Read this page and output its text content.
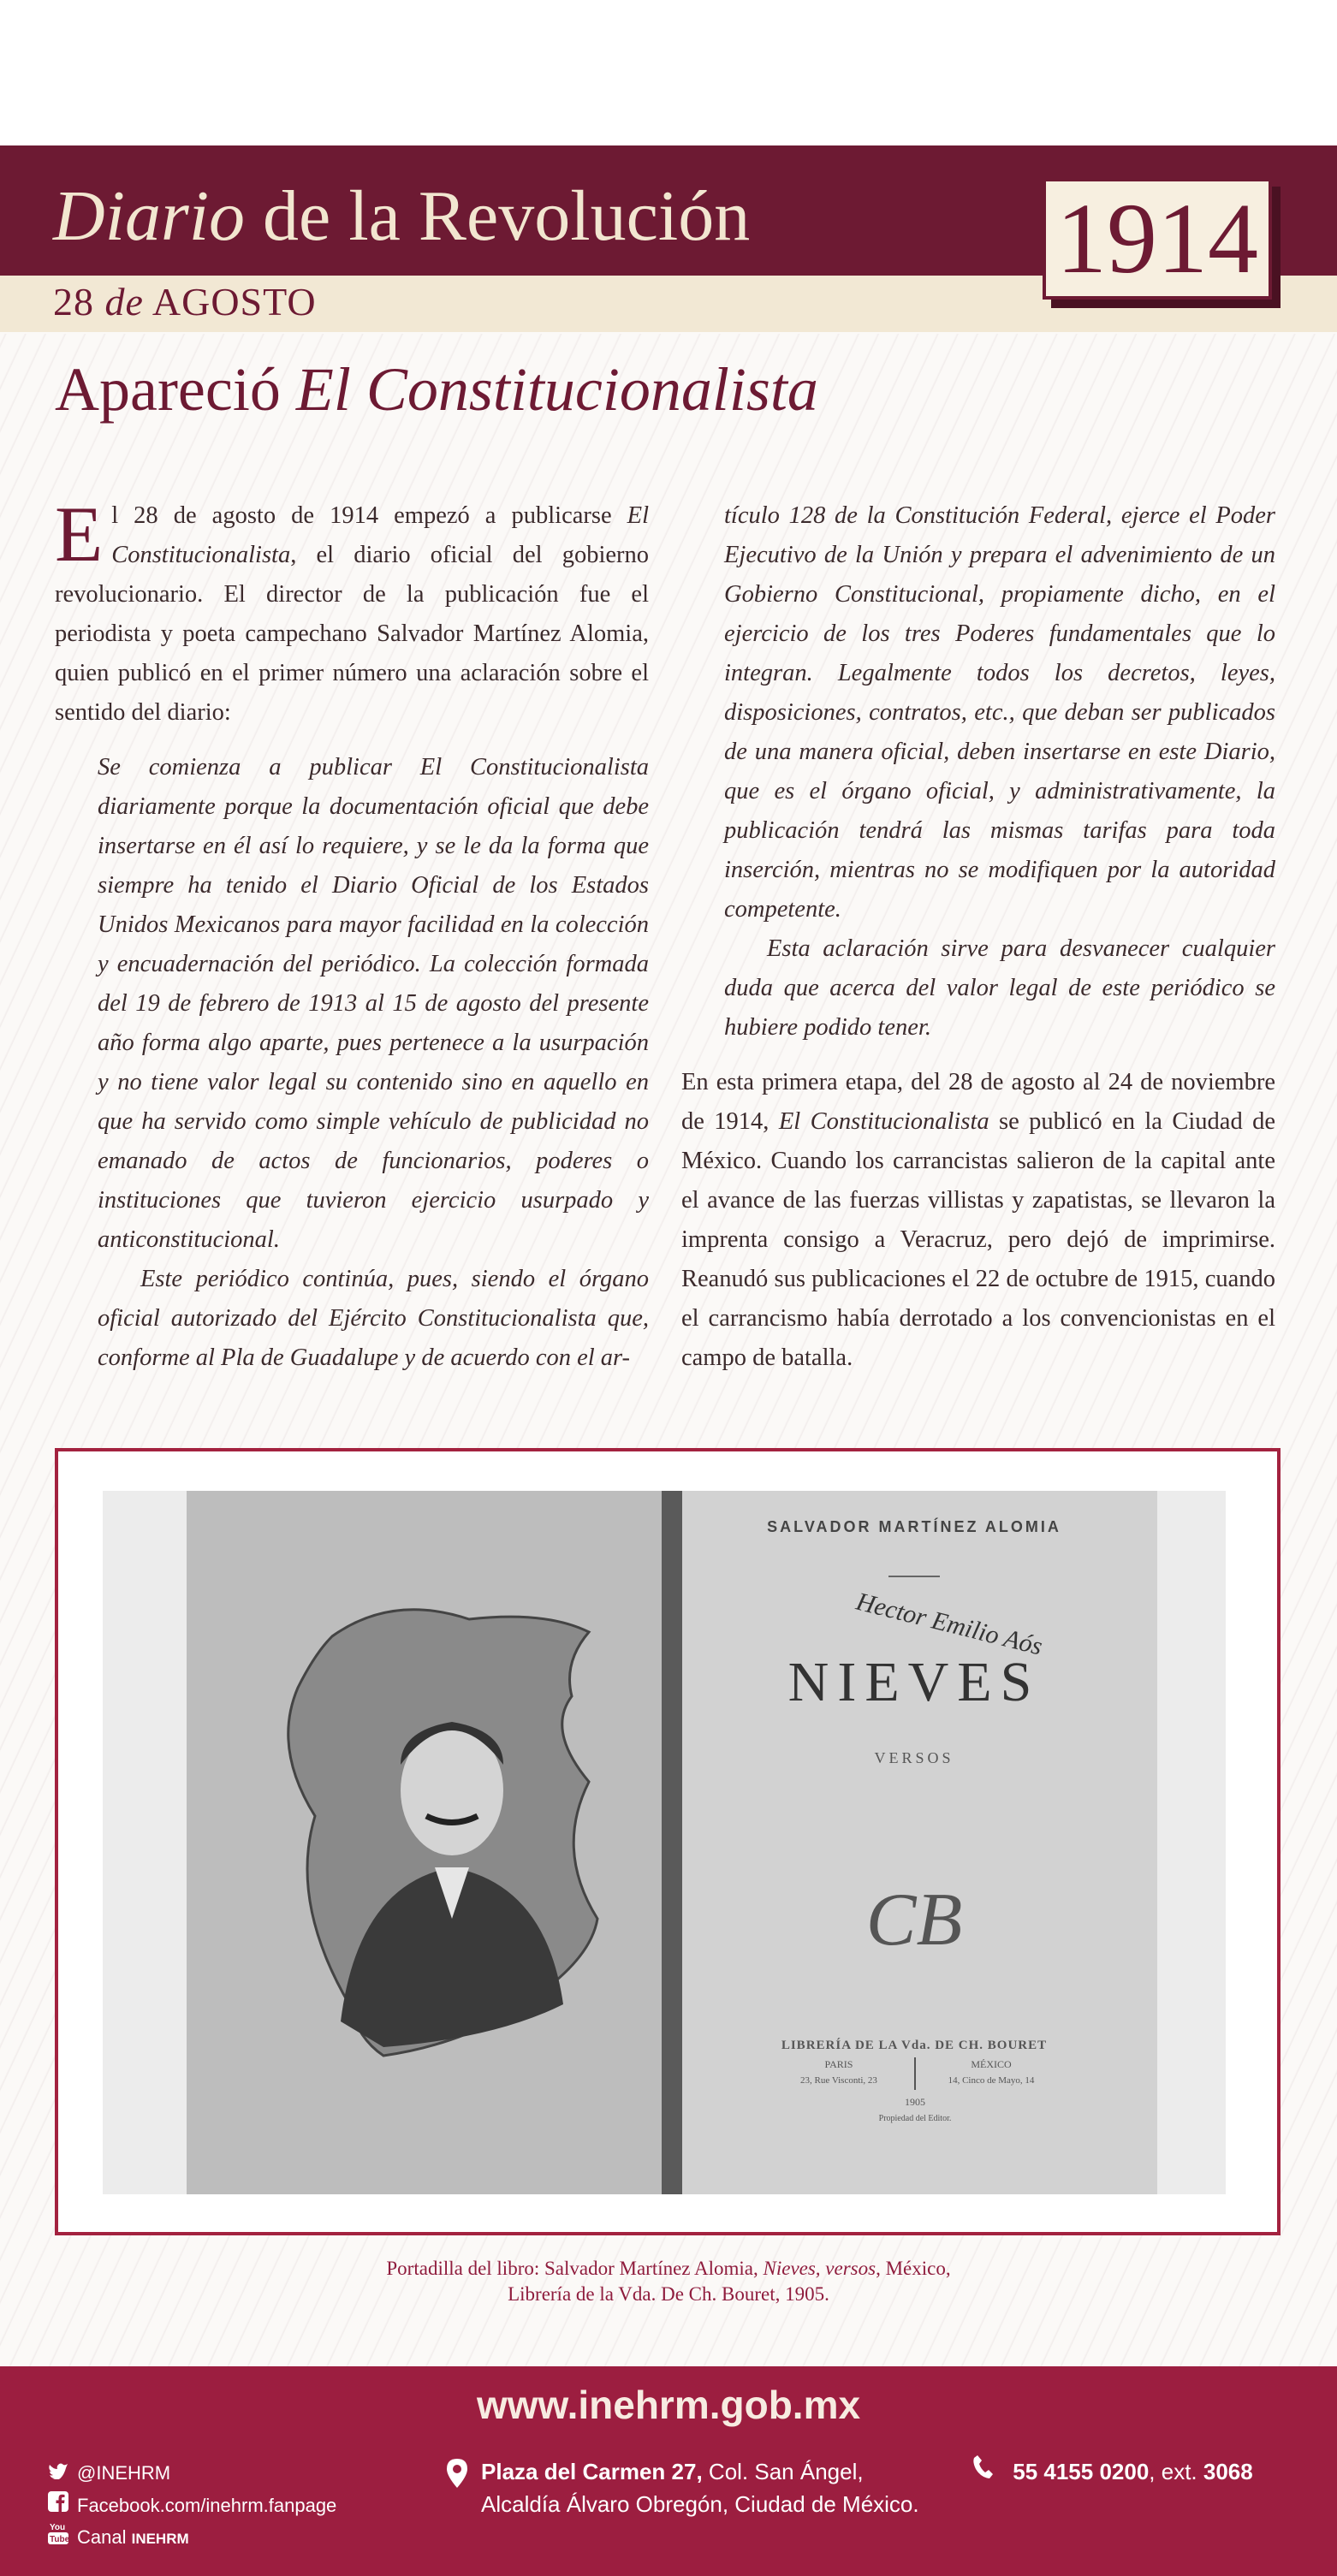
Diario de la Revolución
28 de AGOSTO
1914
Apareció El Constitucionalista

El 28 de agosto de 1914 empezó a publicarse El Constitucionalista, el diario oficial del gobierno revolucionario. El director de la publicación fue el periodista y poeta campechano Salvador Martínez Alomia, quien publicó en el primer número una aclaración sobre el sentido del diario:

Se comienza a publicar El Constitucionalista diariamente porque la documentación oficial que debe insertarse en él así lo requiere, y se le da la forma que siempre ha tenido el Diario Oficial de los Estados Unidos Mexicanos para mayor facilidad en la colección y encuadernación del periódico. La colección formada del 19 de febrero de 1913 al 15 de agosto del presente año forma algo aparte, pues pertenece a la usurpación y no tiene valor legal su contenido sino en aquello en que ha servido como simple vehículo de publicidad no emanado de actos de funcionarios, poderes o instituciones que tuvieron ejercicio usurpado y anticonstitucional.

Este periódico continúa, pues, siendo el órgano oficial autorizado del Ejército Constitucionalista que, conforme al Pla de Guadalupe y de acuerdo con el ar-

tículo 128 de la Constitución Federal, ejerce el Poder Ejecutivo de la Unión y prepara el advenimiento de un Gobierno Constitucional, propiamente dicho, en el ejercicio de los tres Poderes fundamentales que lo integran. Legalmente todos los decretos, leyes, disposiciones, contratos, etc., que deban ser publicados de una manera oficial, deben insertarse en este Diario, que es el órgano oficial, y administrativamente, la publicación tendrá las mismas tarifas para toda inserción, mientras no se modifiquen por la autoridad competente.

Esta aclaración sirve para desvanecer cualquier duda que acerca del valor legal de este periódico se hubiere podido tener.

En esta primera etapa, del 28 de agosto al 24 de noviembre de 1914, El Constitucionalista se publicó en la Ciudad de México. Cuando los carrancistas salieron de la capital ante el avance de las fuerzas villistas y zapatistas, se llevaron la imprenta consigo a Veracruz, pero dejó de imprimirse. Reanudó sus publicaciones el 22 de octubre de 1915, cuando el carrancismo había derrotado a los convencionistas en el campo de batalla.

SALVADOR MARTÍNEZ ALOMIA
Hector Emilio Aós
NIEVES
VERSOS
CB
LIBRERÍA DE LA Vda. DE CH. BOURET
PARIS	MÉXICO
23, Rue Visconti, 23	14, Cinco de Mayo, 14
1905
Propiedad del Editor.
Portadilla del libro: Salvador Martínez Alomia, Nieves, versos, México,
Librería de la Vda. De Ch. Bouret, 1905.
www.inehrm.gob.mx
@INEHRM
Facebook.com/inehrm.fanpage
You
Tube Canal INEHRM
Plaza del Carmen 27, Col. San Ángel,
Alcaldía Álvaro Obregón, Ciudad de México.
55 4155 0200, ext. 3068
